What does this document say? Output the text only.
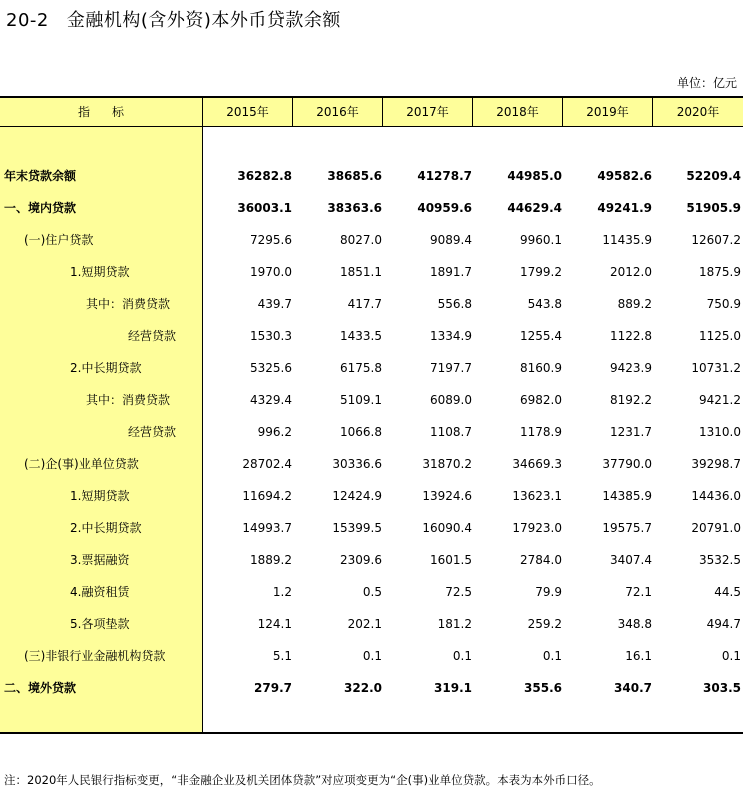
20-2 金融机构(含外资)本外币贷款余额
单位：亿元
指标	2015年	2016年	2017年	2018年	2019年	2020年
年末贷款余额	36282.8	38685.6	41278.7	44985.0	49582.6	52209.4
一、境内贷款	36003.1	38363.6	40959.6	44629.4	49241.9	51905.9
(一)住户贷款	7295.6	8027.0	9089.4	9960.1	11435.9	12607.2
1.短期贷款	1970.0	1851.1	1891.7	1799.2	2012.0	1875.9
其中：消费贷款	439.7	417.7	556.8	543.8	889.2	750.9
经营贷款	1530.3	1433.5	1334.9	1255.4	1122.8	1125.0
2.中长期贷款	5325.6	6175.8	7197.7	8160.9	9423.9	10731.2
其中：消费贷款	4329.4	5109.1	6089.0	6982.0	8192.2	9421.2
经营贷款	996.2	1066.8	1108.7	1178.9	1231.7	1310.0
(二)企(事)业单位贷款	28702.4	30336.6	31870.2	34669.3	37790.0	39298.7
1.短期贷款	11694.2	12424.9	13924.6	13623.1	14385.9	14436.0
2.中长期贷款	14993.7	15399.5	16090.4	17923.0	19575.7	20791.0
3.票据融资	1889.2	2309.6	1601.5	2784.0	3407.4	3532.5
4.融资租赁	1.2	0.5	72.5	79.9	72.1	44.5
5.各项垫款	124.1	202.1	181.2	259.2	348.8	494.7
(三)非银行业金融机构贷款	5.1	0.1	0.1	0.1	16.1	0.1
二、境外贷款	279.7	322.0	319.1	355.6	340.7	303.5
注：2020年人民银行指标变更，“非金融企业及机关团体贷款”对应项变更为“企(事)业单位贷款。本表为本外币口径。
